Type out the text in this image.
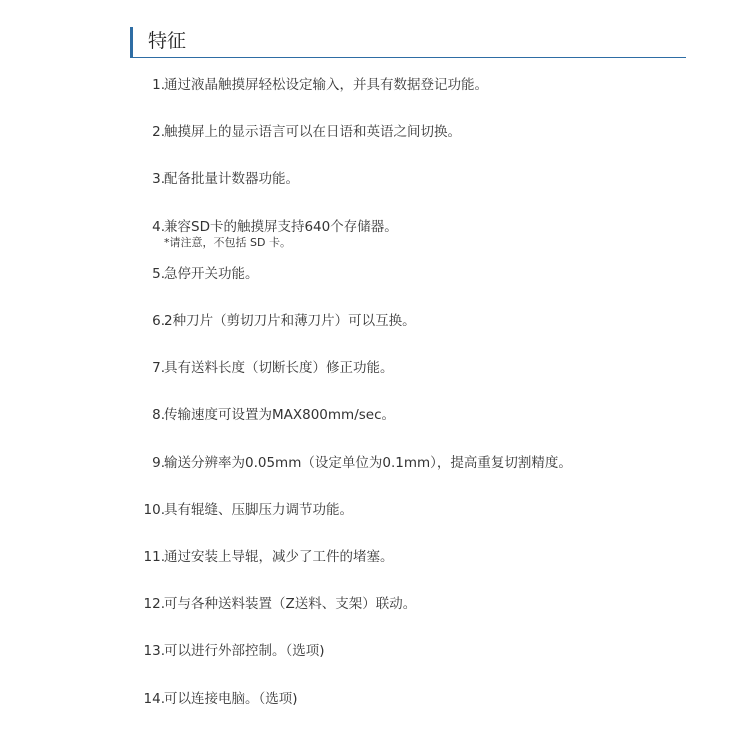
特征
1. 通过液晶触摸屏轻松设定输入，并具有数据登记功能。
2. 触摸屏上的显示语言可以在日语和英语之间切换。
3. 配备批量计数器功能。
4. 兼容SD卡的触摸屏支持640个存储器。
*请注意，不包括 SD 卡。
5. 急停开关功能。
6. 2种刀片（剪切刀片和薄刀片）可以互换。
7. 具有送料长度（切断长度）修正功能。
8. 传输速度可设置为MAX800mm/sec。
9. 输送分辨率为0.05mm（设定单位为0.1mm），提高重复切割精度。
10. 具有辊缝、压脚压力调节功能。
11. 通过安装上导辊，减少了工件的堵塞。
12. 可与各种送料装置（Z送料、支架）联动。
13. 可以进行外部控制。（选项)
14. 可以连接电脑。（选项)
